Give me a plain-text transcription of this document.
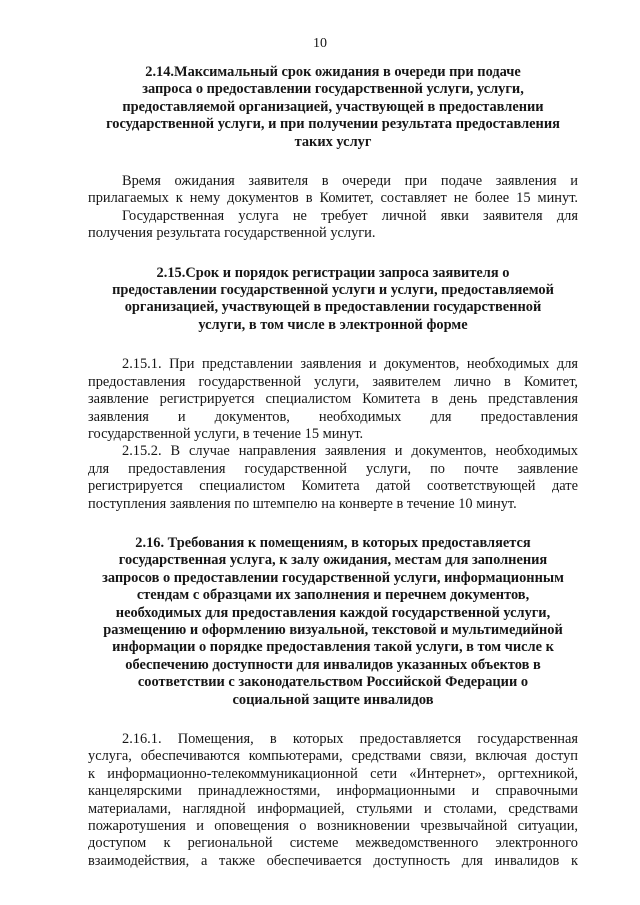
10
2.14.Максимальный срок ожидания в очереди при подаче
запроса о предоставлении государственной услуги, услуги,
предоставляемой организацией, участвующей в предоставлении
государственной услуги, и при получении результата предоставления
таких услуг
Время ожидания заявителя в очереди при подаче заявления и
прилагаемых к нему документов в Комитет, составляет не более 15 минут.
Государственная услуга не требует личной явки заявителя для
получения результата государственной услуги.
2.15.Срок и порядок регистрации запроса заявителя о
предоставлении государственной услуги и услуги, предоставляемой
организацией, участвующей в предоставлении государственной
услуги, в том числе в электронной форме
2.15.1. При представлении заявления и документов, необходимых для
предоставления государственной услуги, заявителем лично в Комитет,
заявление регистрируется специалистом Комитета в день представления
заявления и документов, необходимых для предоставления
государственной услуги, в течение 15 минут.
2.15.2. В случае направления заявления и документов, необходимых
для предоставления государственной услуги, по почте заявление
регистрируется специалистом Комитета датой соответствующей дате
поступления заявления по штемпелю на конверте в течение 10 минут.
2.16. Требования к помещениям, в которых предоставляется
государственная услуга, к залу ожидания, местам для заполнения
запросов о предоставлении государственной услуги, информационным
стендам с образцами их заполнения и перечнем документов,
необходимых для предоставления каждой государственной услуги,
размещению и оформлению визуальной, текстовой и мультимедийной
информации о порядке предоставления такой услуги, в том числе к
обеспечению доступности для инвалидов указанных объектов в
соответствии с законодательством Российской Федерации о
социальной защите инвалидов
2.16.1. Помещения, в которых предоставляется государственная
услуга, обеспечиваются компьютерами, средствами связи, включая доступ
к информационно-телекоммуникационной сети «Интернет», оргтехникой,
канцелярскими принадлежностями, информационными и справочными
материалами, наглядной информацией, стульями и столами, средствами
пожаротушения и оповещения о возникновении чрезвычайной ситуации,
доступом к региональной системе межведомственного электронного
взаимодействия, а также обеспечивается доступность для инвалидов к
